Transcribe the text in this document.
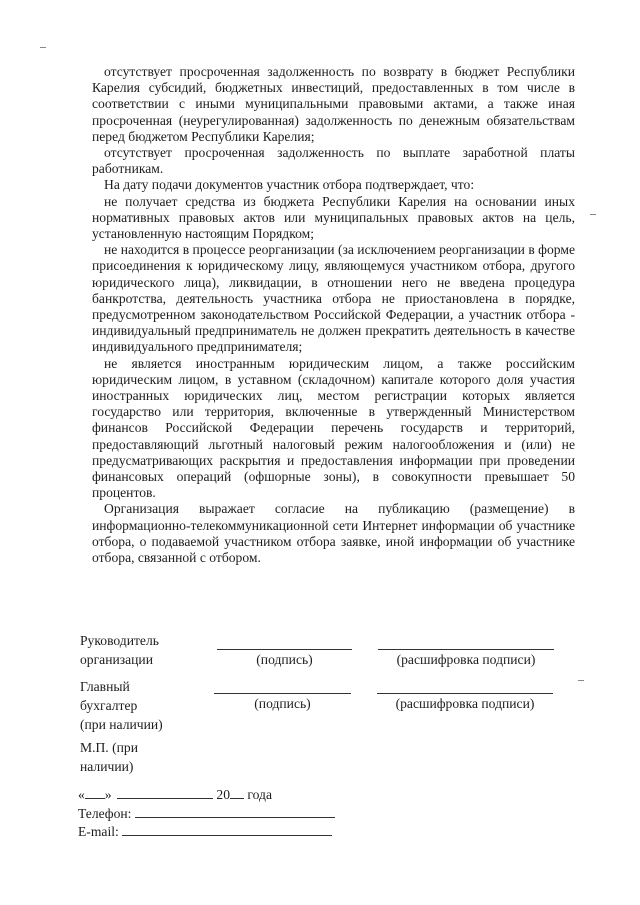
отсутствует просроченная задолженность по возврату в бюджет Республики Карелия субсидий, бюджетных инвестиций, предоставленных в том числе в соответствии с иными муниципальными правовыми актами, а также иная просроченная (неурегулированная) задолженность по денежным обязательствам перед бюджетом Республики Карелия;

отсутствует просроченная задолженность по выплате заработной платы работникам.

На дату подачи документов участник отбора подтверждает, что:

не получает средства из бюджета Республики Карелия на основании иных нормативных правовых актов или муниципальных правовых актов на цель, установленную настоящим Порядком;

не находится в процессе реорганизации (за исключением реорганизации в форме присоединения к юридическому лицу, являющемуся участником отбора, другого юридического лица), ликвидации, в отношении него не введена процедура банкротства, деятельность участника отбора не приостановлена в порядке, предусмотренном законодательством Российской Федерации, а участник отбора - индивидуальный предприниматель не должен прекратить деятельность в качестве индивидуального предпринимателя;

не является иностранным юридическим лицом, а также российским юридическим лицом, в уставном (складочном) капитале которого доля участия иностранных юридических лиц, местом регистрации которых является государство или территория, включенные в утвержденный Министерством финансов Российской Федерации перечень государств и территорий, предоставляющий льготный налоговый режим налогообложения и (или) не предусматривающих раскрытия и предоставления информации при проведении финансовых операций (офшорные зоны), в совокупности превышает 50 процентов.

Организация выражает согласие на публикацию (размещение) в информационно-телекоммуникационной сети Интернет информации об участнике отбора, о подаваемой участником отбора заявке, иной информации об участнике отбора, связанной с отбором.

Руководитель
организации	(подпись)	(расшифровка подписи)
Главный
бухгалтер
(при наличии)
(подпись)	(расшифровка подписи)
М.П. (при
наличии)
« »	20 года
Телефон:
E-mail:
